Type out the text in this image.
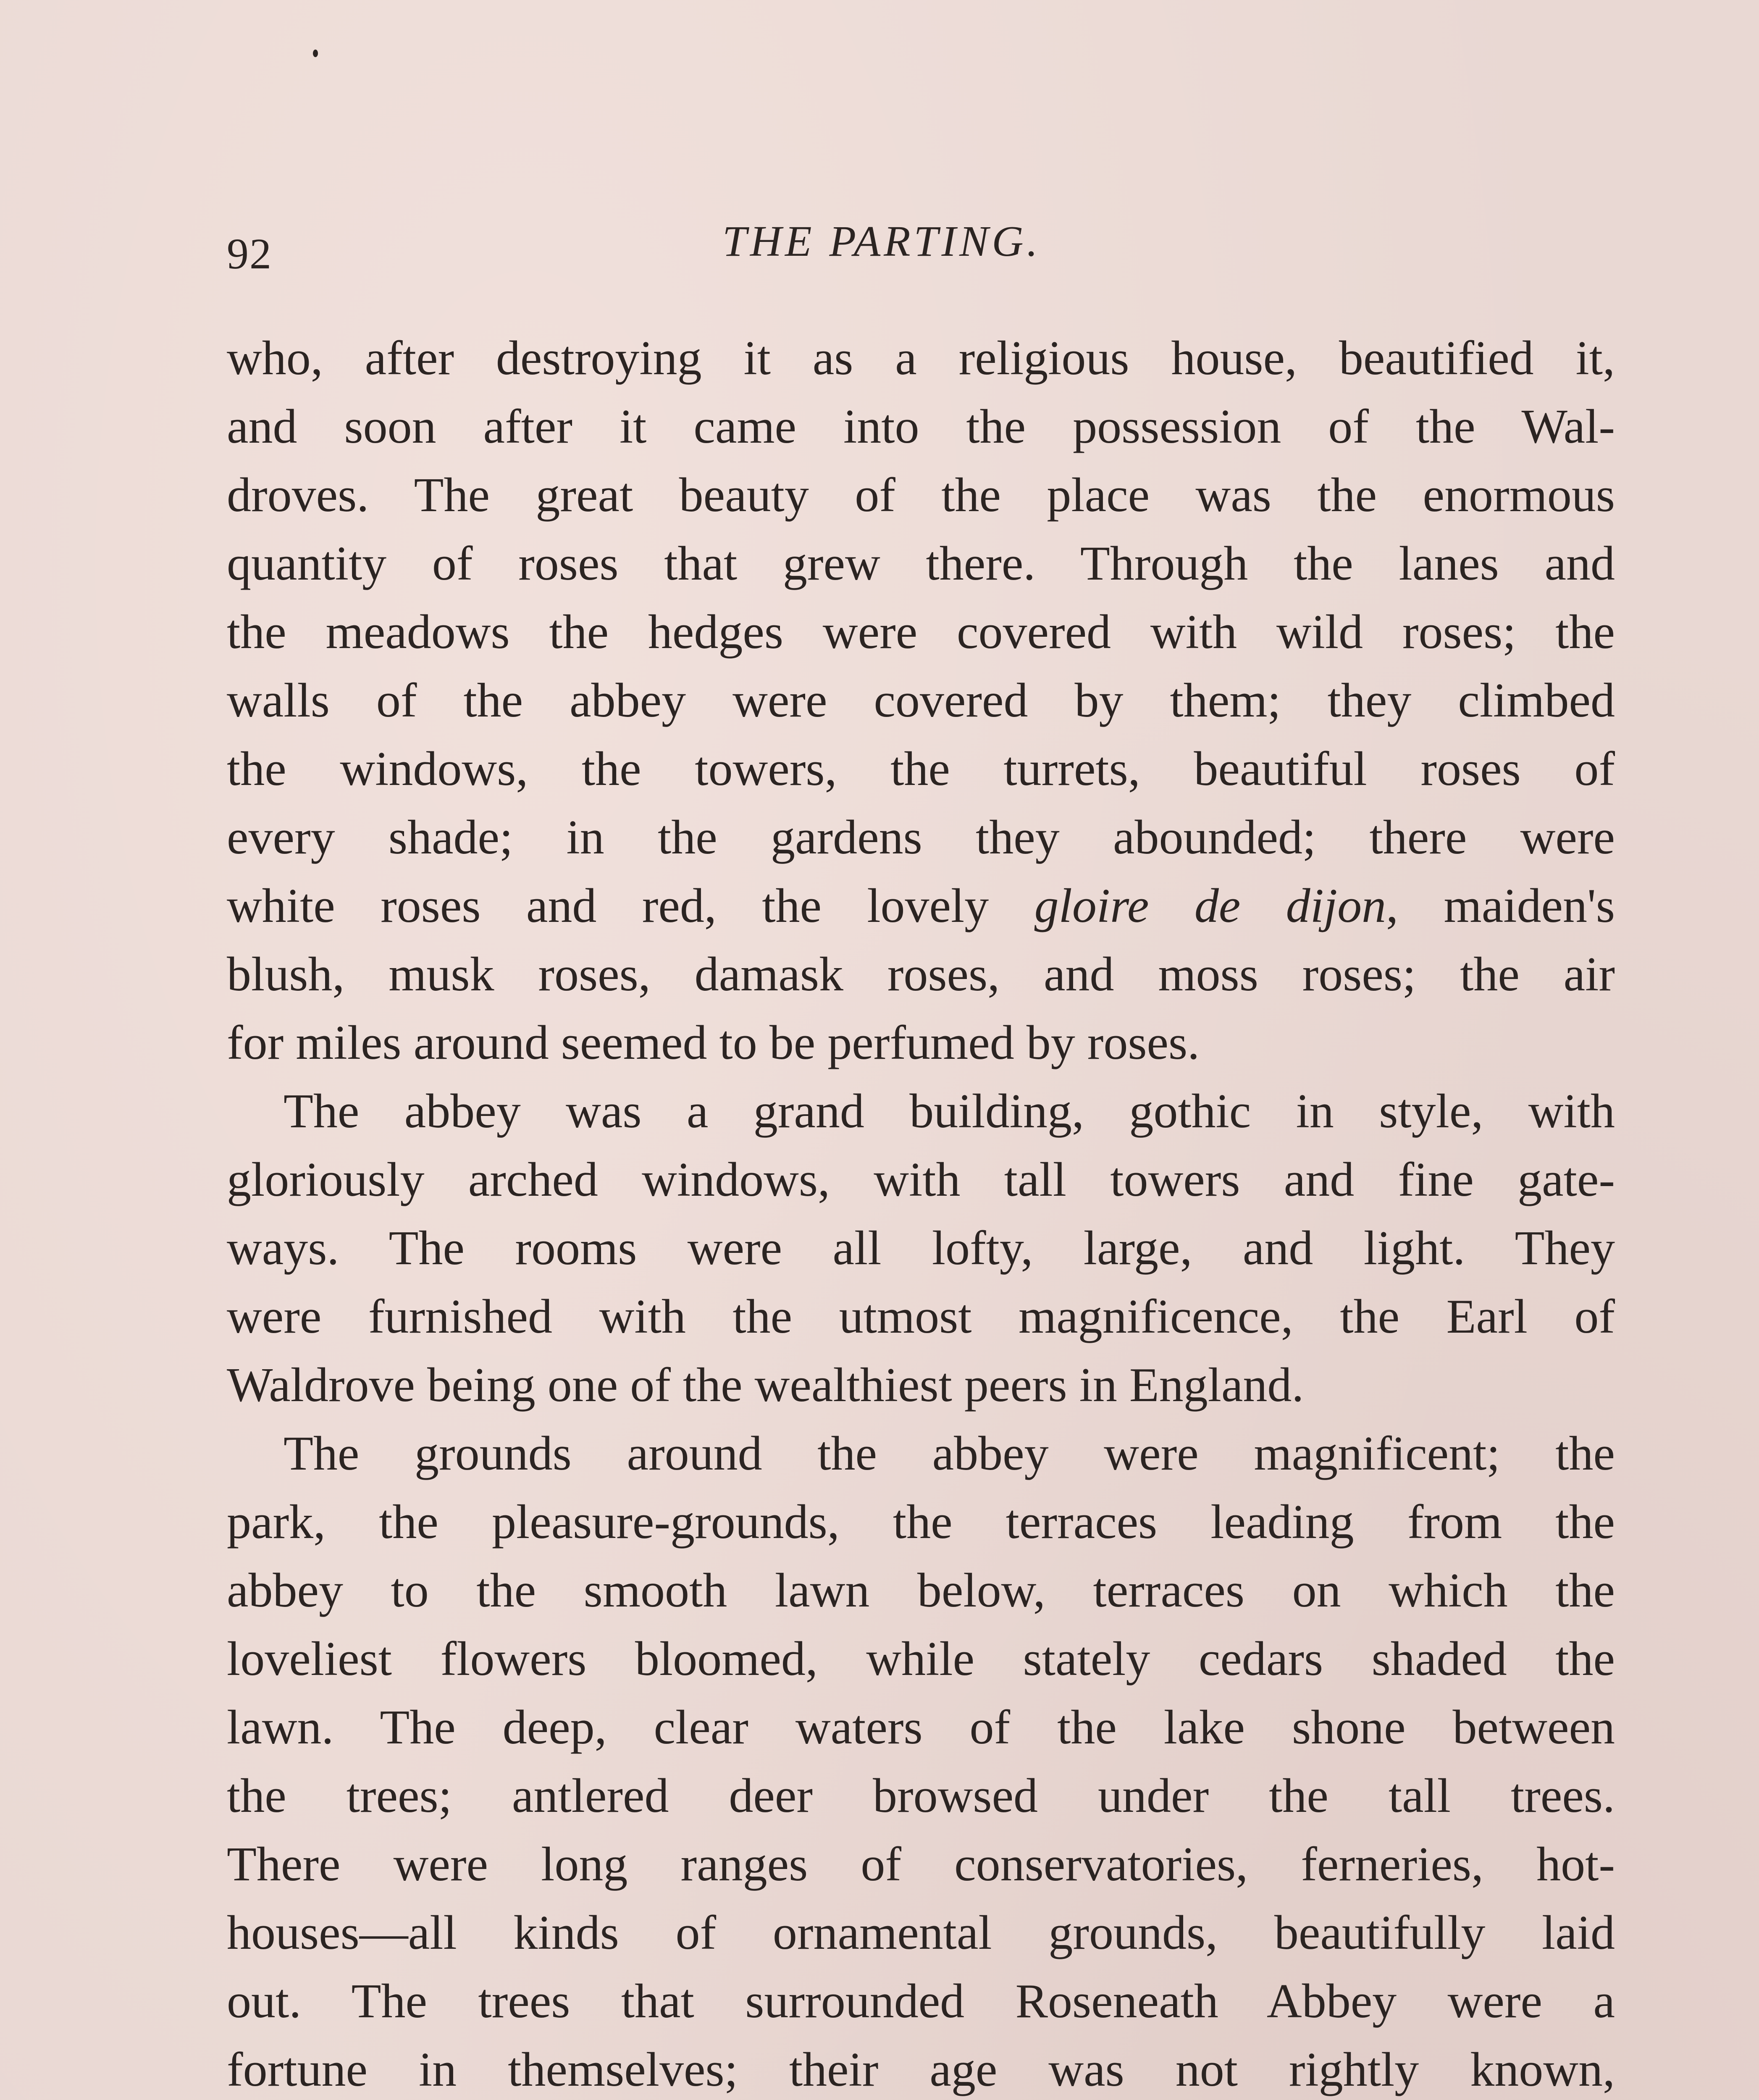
92	THE PARTING.
who, after destroying it as a religious house, beautified it,
and soon after it came into the possession of the Wal-
droves. The great beauty of the place was the enormous
quantity of roses that grew there. Through the lanes and
the meadows the hedges were covered with wild roses; the
walls of the abbey were covered by them; they climbed
the windows, the towers, the turrets, beautiful roses of
every shade; in the gardens they abounded; there were
white roses and red, the lovely gloire de dijon, maiden's
blush, musk roses, damask roses, and moss roses; the air
for miles around seemed to be perfumed by roses.
The abbey was a grand building, gothic in style, with
gloriously arched windows, with tall towers and fine gate-
ways. The rooms were all lofty, large, and light. They
were furnished with the utmost magnificence, the Earl of
Waldrove being one of the wealthiest peers in England.
The grounds around the abbey were magnificent; the
park, the pleasure-grounds, the terraces leading from the
abbey to the smooth lawn below, terraces on which the
loveliest flowers bloomed, while stately cedars shaded the
lawn. The deep, clear waters of the lake shone between
the trees; antlered deer browsed under the tall trees.
There were long ranges of conservatories, ferneries, hot-
houses—all kinds of ornamental grounds, beautifully laid
out. The trees that surrounded Roseneath Abbey were a
fortune in themselves; their age was not rightly known,
